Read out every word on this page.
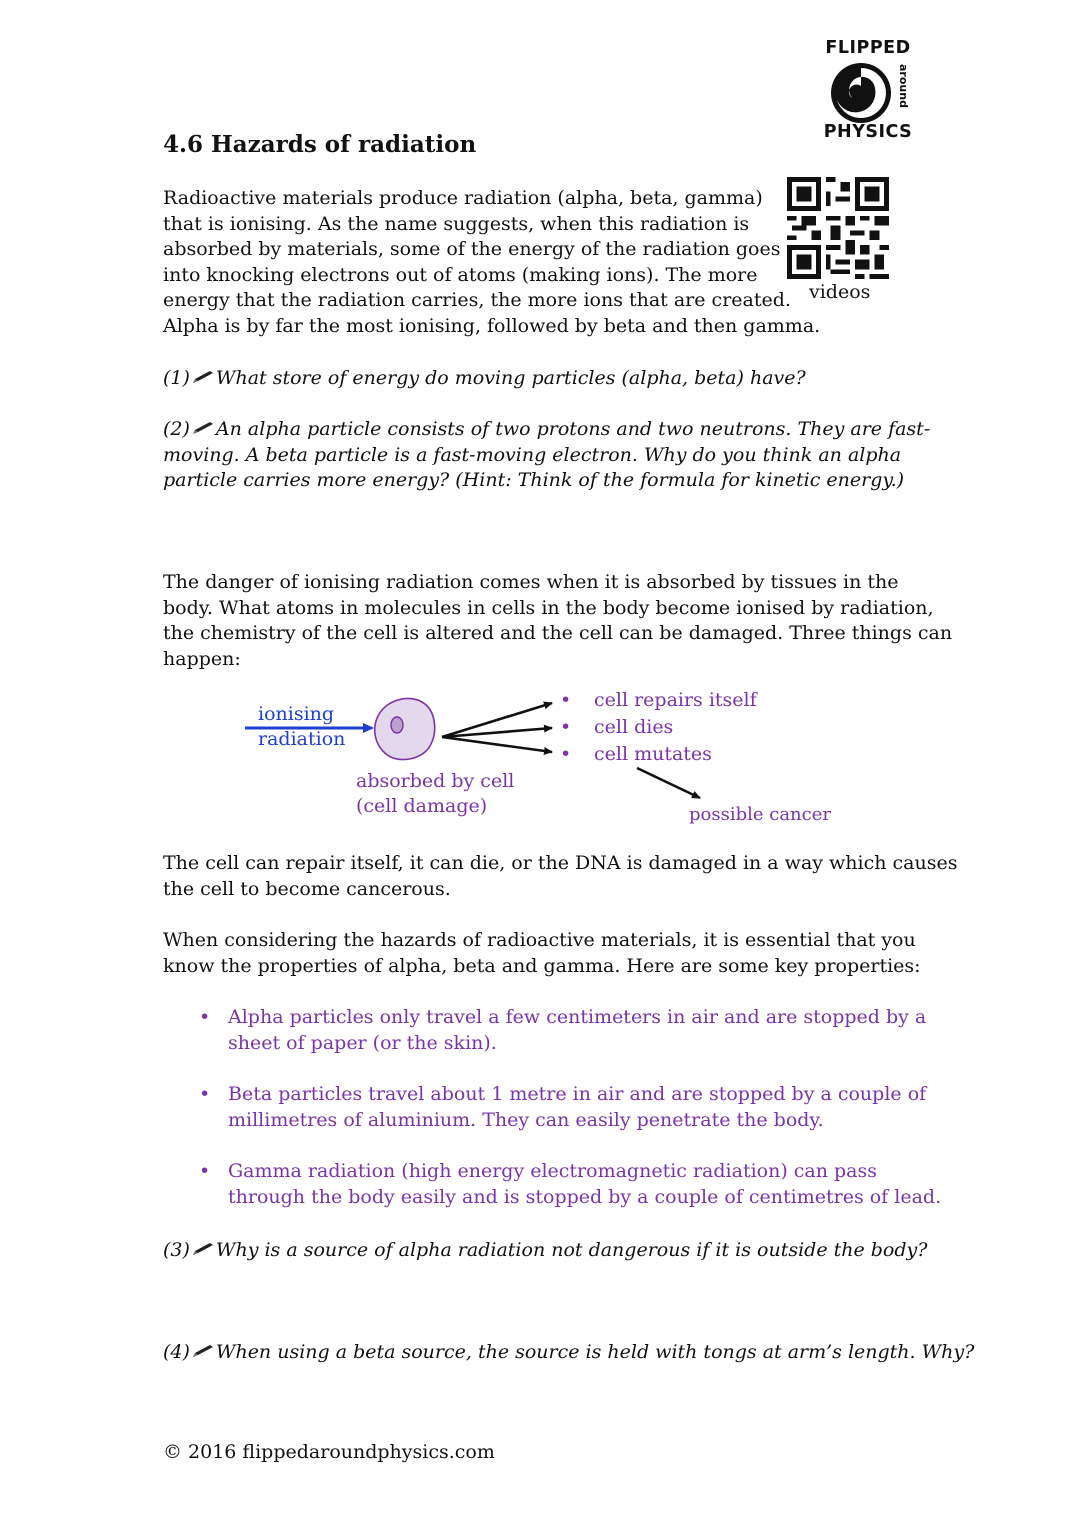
FLIPPED
around
PHYSICS
4.6 Hazards of radiation
videos
Radioactive materials produce radiation (alpha, beta, gamma)
that is ionising. As the name suggests, when this radiation is
absorbed by materials, some of the energy of the radiation goes
into knocking electrons out of atoms (making ions). The more
energy that the radiation carries, the more ions that are created.
Alpha is by far the most ionising, followed by beta and then gamma.
(1) What store of energy do moving particles (alpha, beta) have?
(2) An alpha particle consists of two protons and two neutrons. They are fast-
moving. A beta particle is a fast-moving electron. Why do you think an alpha
particle carries more energy? (Hint: Think of the formula for kinetic energy.)
The danger of ionising radiation comes when it is absorbed by tissues in the
body. What atoms in molecules in cells in the body become ionised by radiation,
the chemistry of the cell is altered and the cell can be damaged. Three things can
happen:
ionising
radiation
absorbed by cell
(cell damage)
• cell repairs itself
• cell dies
• cell mutates
possible cancer
The cell can repair itself, it can die, or the DNA is damaged in a way which causes
the cell to become cancerous.
When considering the hazards of radioactive materials, it is essential that you
know the properties of alpha, beta and gamma. Here are some key properties:
• Alpha particles only travel a few centimeters in air and are stopped by a
sheet of paper (or the skin).
• Beta particles travel about 1 metre in air and are stopped by a couple of
millimetres of aluminium. They can easily penetrate the body.
• Gamma radiation (high energy electromagnetic radiation) can pass
through the body easily and is stopped by a couple of centimetres of lead.
(3) Why is a source of alpha radiation not dangerous if it is outside the body?
(4) When using a beta source, the source is held with tongs at arm’s length. Why?
© 2016 flippedaroundphysics.com
